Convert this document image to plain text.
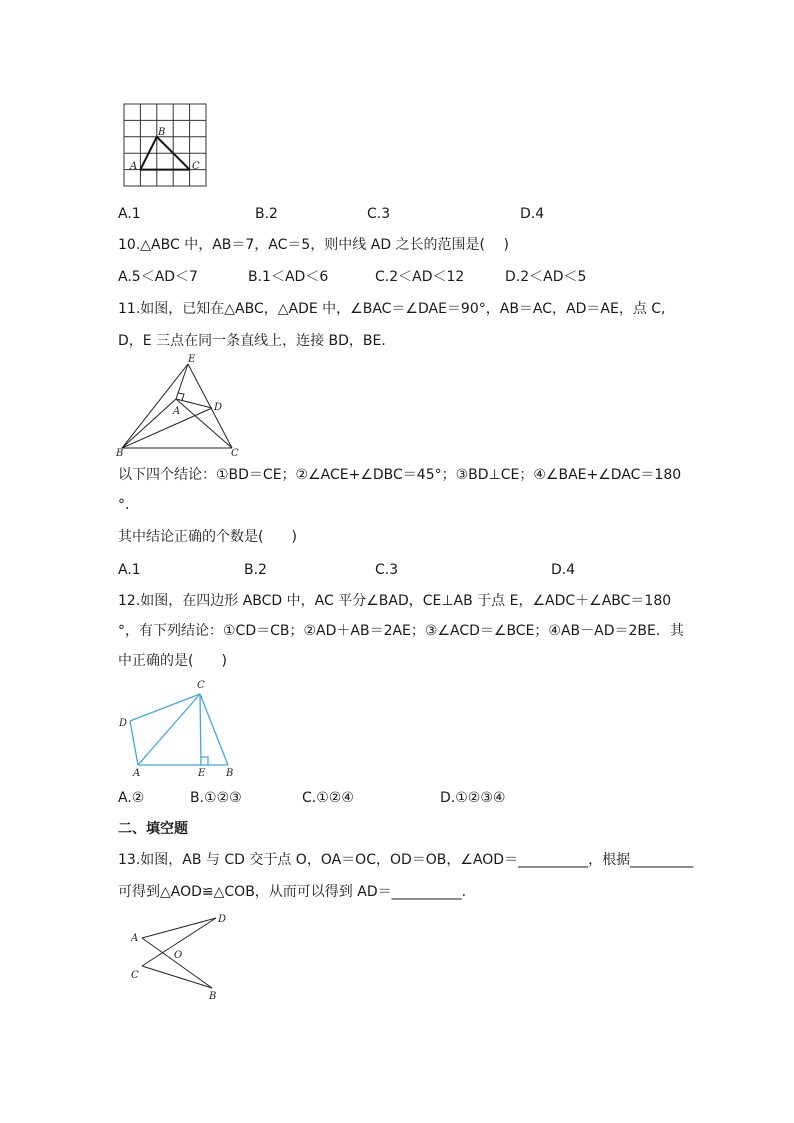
A
B
C
A.1	B.2	C.3	D.4
10.△ABC 中，AB＝7，AC＝5，则中线 AD 之长的范围是(　 )
A.5＜AD＜7	B.1＜AD＜6	C.2＜AD＜12	D.2＜AD＜5
11.如图，已知在△ABC，△ADE 中，∠BAC＝∠DAE＝90°，AB＝AC，AD＝AE，点 C,
D，E 三点在同一条直线上，连接 BD，BE.
E
A	D
B	C
以下四个结论：①BD＝CE；②∠ACE+∠DBC＝45°；③BD⊥CE；④∠BAE+∠DAC＝180
°.
其中结论正确的个数是(　　)
A.1	B.2	C.3	D.4
12.如图，在四边形 ABCD 中，AC 平分∠BAD，CE⊥AB 于点 E，∠ADC＋∠ABC＝180
°，有下列结论：①CD＝CB；②AD＋AB＝2AE；③∠ACD＝∠BCE；④AB－AD＝2BE．其
中正确的是(　　)
C
D
A	E B
A.②	B.①②③	C.①②④	D.①②③④
二、填空题
13.如图，AB 与 CD 交于点 O，OA＝OC，OD＝OB，∠AOD＝__________，根据_________
可得到△AOD≌△COB，从而可以得到 AD＝__________.
D
A
O
C
B
